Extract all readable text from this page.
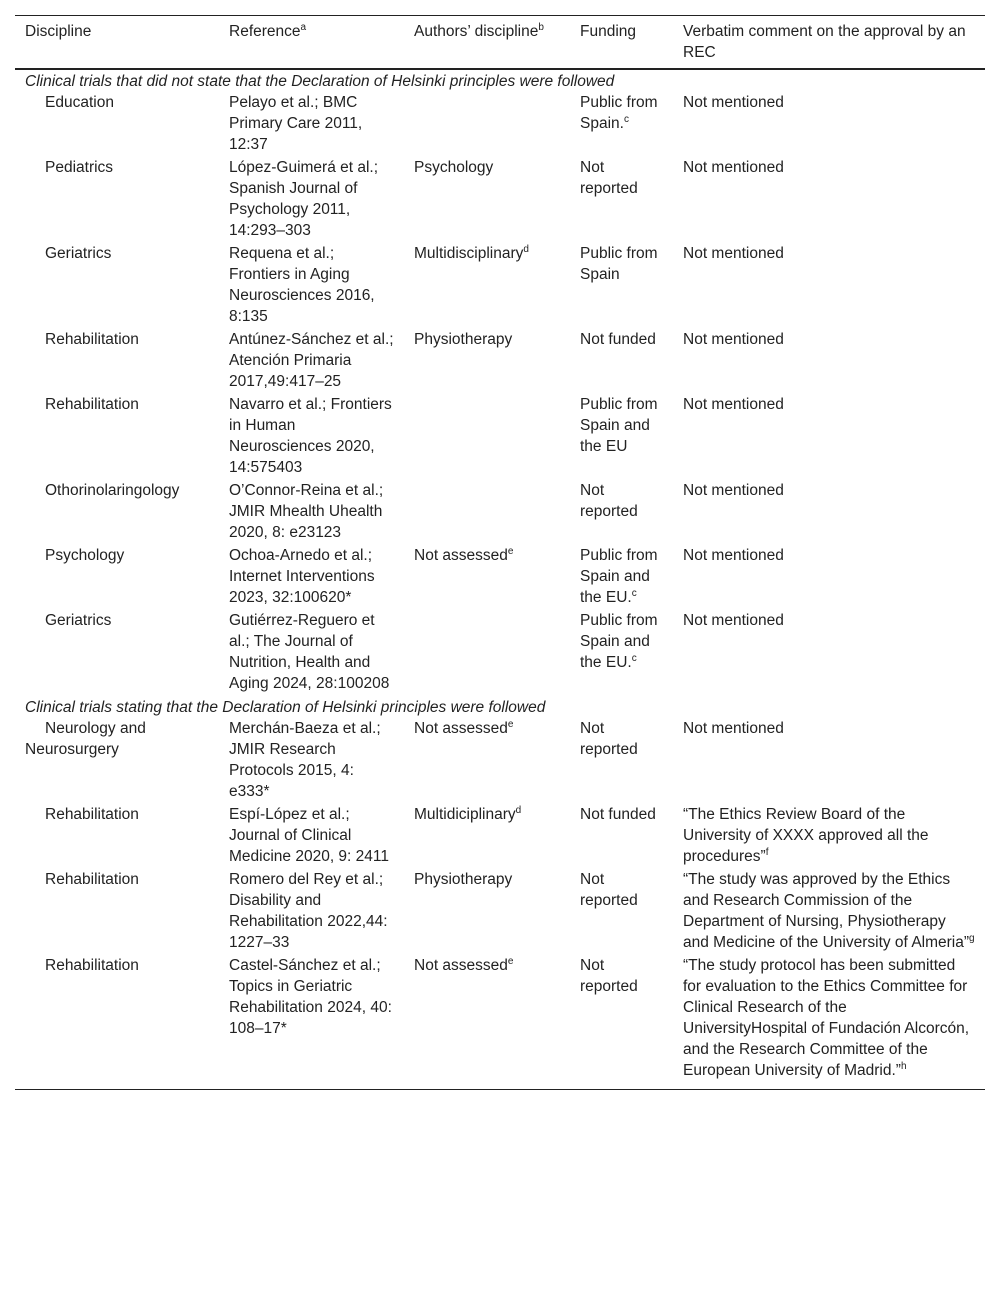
Discipline	Reference$^a$	Authors’ discipline$^b$	Funding	Verbatim comment on the approval by an REC
Clinical trials that did not state that the Declaration of Helsinki principles were followed				

Education	Pelayo et al.; BMC Primary Care 2011, 12:37		Public from Spain.$^c$	Not mentioned

Pediatrics	López-Guimerá et al.; Spanish Journal of Psychology 2011, 14:293–303	Psychology	Not reported	Not mentioned

Geriatrics	Requena et al.; Frontiers in Aging Neurosciences 2016, 8:135	Multidisciplinary$^d$	Public from Spain	Not mentioned

Rehabilitation	Antúnez-Sánchez et al.; Atención Primaria 2017,49:417–25	Physiotherapy	Not funded	Not mentioned

Rehabilitation	Navarro et al.; Frontiers in Human Neurosciences 2020, 14:575403		Public from Spain and the EU	Not mentioned

Othorinolaringology	O’Connor-Reina et al.; JMIR Mhealth Uhealth 2020, 8: e23123		Not reported	Not mentioned

Psychology	Ochoa-Arnedo et al.; Internet Interventions 2023, 32:100620*	Not assessed$^e$	Public from Spain and the EU.$^c$	Not mentioned

Geriatrics	Gutiérrez-Reguero et al.; The Journal of Nutrition, Health and Aging 2024, 28:100208		Public from Spain and the EU.$^c$	Not mentioned
Clinical trials stating that the Declaration of Helsinki principles were followed				

Neurology and Neurosurgery	Merchán-Baeza et al.; JMIR Research Protocols 2015, 4: e333*	Not assessed$^e$	Not reported	Not mentioned

Rehabilitation	Espí-López et al.; Journal of Clinical Medicine 2020, 9: 2411	Multidiciplinary$^d$	Not funded	“The Ethics Review Board of the University of XXXX approved all the procedures”$^f$

Rehabilitation	Romero del Rey et al.; Disability and Rehabilitation 2022,44: 1227–33	Physiotherapy	Not reported	“The study was approved by the Ethics and Research Commission of the Department of Nursing, Physiotherapy and Medicine of the University of Almeria”$^g$

Rehabilitation	Castel-Sánchez et al.; Topics in Geriatric Rehabilitation 2024, 40: 108–17*	Not assessed$^e$	Not reported	“The study protocol has been submitted for evaluation to the Ethics Committee for Clinical Research of the UniversityHospital of Fundación Alcorcón, and the Research Committee of the European University of Madrid.”$^h$
